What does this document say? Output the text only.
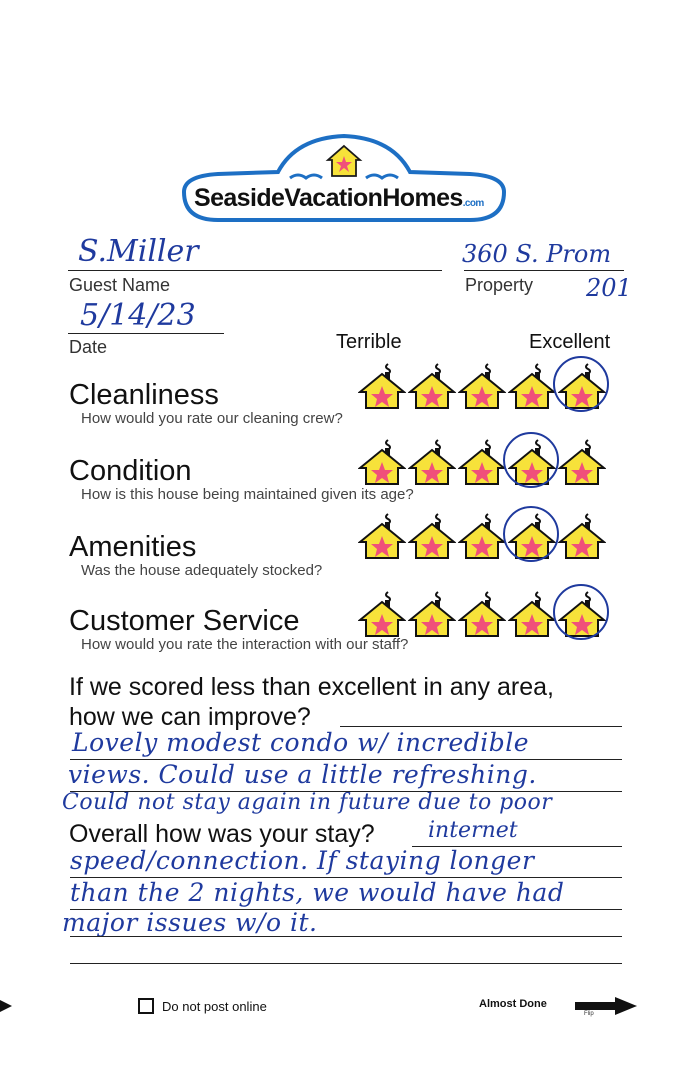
SeasideVacationHomes.com
S.Miller
Guest Name
360 S. Prom
Property 201
5/14/23
Date	Terrible	Excellent
Cleanliness
How would you rate our cleaning crew?
Condition
How is this house being maintained given its age?
Amenities
Was the house adequately stocked?
Customer Service
How would you rate the interaction with our staff?
If we scored less than excellent in any area,
how we can improve?
Lovely modest condo w/ incredible
views. Could use a little refreshing.
Could not stay again in future due to poor
Overall how was your stay? internet
speed/connection. If staying longer
than the 2 nights, we would have had
major issues w/o it.
Do not post online	Almost Done
Flip
